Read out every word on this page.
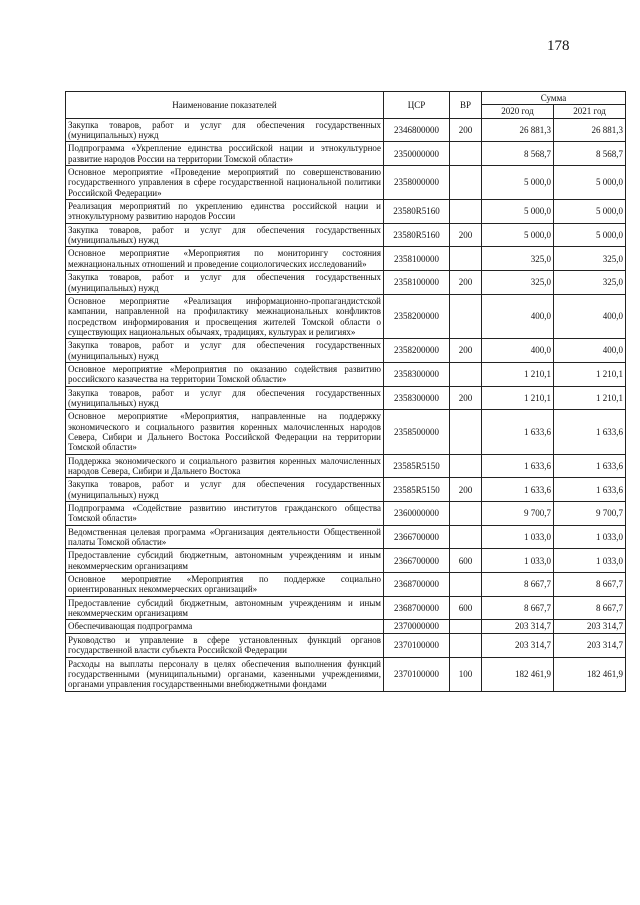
178
Наименование показателей	ЦСР	ВР	Сумма	
			2020 год	2021 год
Закупка товаров, работ и услуг для обеспечения государственных (муниципальных) нужд	2346800000	200	26 881,3	26 881,3
Подпрограмма «Укрепление единства российской нации и этнокультурное развитие народов России на территории Томской области»	2350000000		8 568,7	8 568,7
Основное мероприятие «Проведение мероприятий по совершенствованию государственного управления в сфере государственной национальной политики Российской Федерации»	2358000000		5 000,0	5 000,0
Реализация мероприятий по укреплению единства российской нации и этнокультурному развитию народов России	23580R5160		5 000,0	5 000,0
Закупка товаров, работ и услуг для обеспечения государственных (муниципальных) нужд	23580R5160	200	5 000,0	5 000,0
Основное мероприятие «Мероприятия по мониторингу состояния межнациональных отношений и проведение социологических исследований»	2358100000		325,0	325,0
Закупка товаров, работ и услуг для обеспечения государственных (муниципальных) нужд	2358100000	200	325,0	325,0
Основное мероприятие «Реализация информационно-пропагандистской кампании, направленной на профилактику межнациональных конфликтов посредством информирования и просвещения жителей Томской области о существующих национальных обычаях, традициях, культурах и религиях»	2358200000		400,0	400,0
Закупка товаров, работ и услуг для обеспечения государственных (муниципальных) нужд	2358200000	200	400,0	400,0
Основное мероприятие «Мероприятия по оказанию содействия развитию российского казачества на территории Томской области»	2358300000		1 210,1	1 210,1
Закупка товаров, работ и услуг для обеспечения государственных (муниципальных) нужд	2358300000	200	1 210,1	1 210,1
Основное мероприятие «Мероприятия, направленные на поддержку экономического и социального развития коренных малочисленных народов Севера, Сибири и Дальнего Востока Российской Федерации на территории Томской области»	2358500000		1 633,6	1 633,6
Поддержка экономического и социального развития коренных малочисленных народов Севера, Сибири и Дальнего Востока	23585R5150		1 633,6	1 633,6
Закупка товаров, работ и услуг для обеспечения государственных (муниципальных) нужд	23585R5150	200	1 633,6	1 633,6
Подпрограмма «Содействие развитию институтов гражданского общества Томской области»	2360000000		9 700,7	9 700,7
Ведомственная целевая программа «Организация деятельности Общественной палаты Томской области»	2366700000		1 033,0	1 033,0
Предоставление субсидий бюджетным, автономным учреждениям и иным некоммерческим организациям	2366700000	600	1 033,0	1 033,0
Основное мероприятие «Мероприятия по поддержке социально ориентированных некоммерческих организаций»	2368700000		8 667,7	8 667,7
Предоставление субсидий бюджетным, автономным учреждениям и иным некоммерческим организациям	2368700000	600	8 667,7	8 667,7
Обеспечивающая подпрограмма	2370000000		203 314,7	203 314,7
Руководство и управление в сфере установленных функций органов государственной власти субъекта Российской Федерации	2370100000		203 314,7	203 314,7
Расходы на выплаты персоналу в целях обеспечения выполнения функций государственными (муниципальными) органами, казенными учреждениями, органами управления государственными внебюджетными фондами	2370100000	100	182 461,9	182 461,9
